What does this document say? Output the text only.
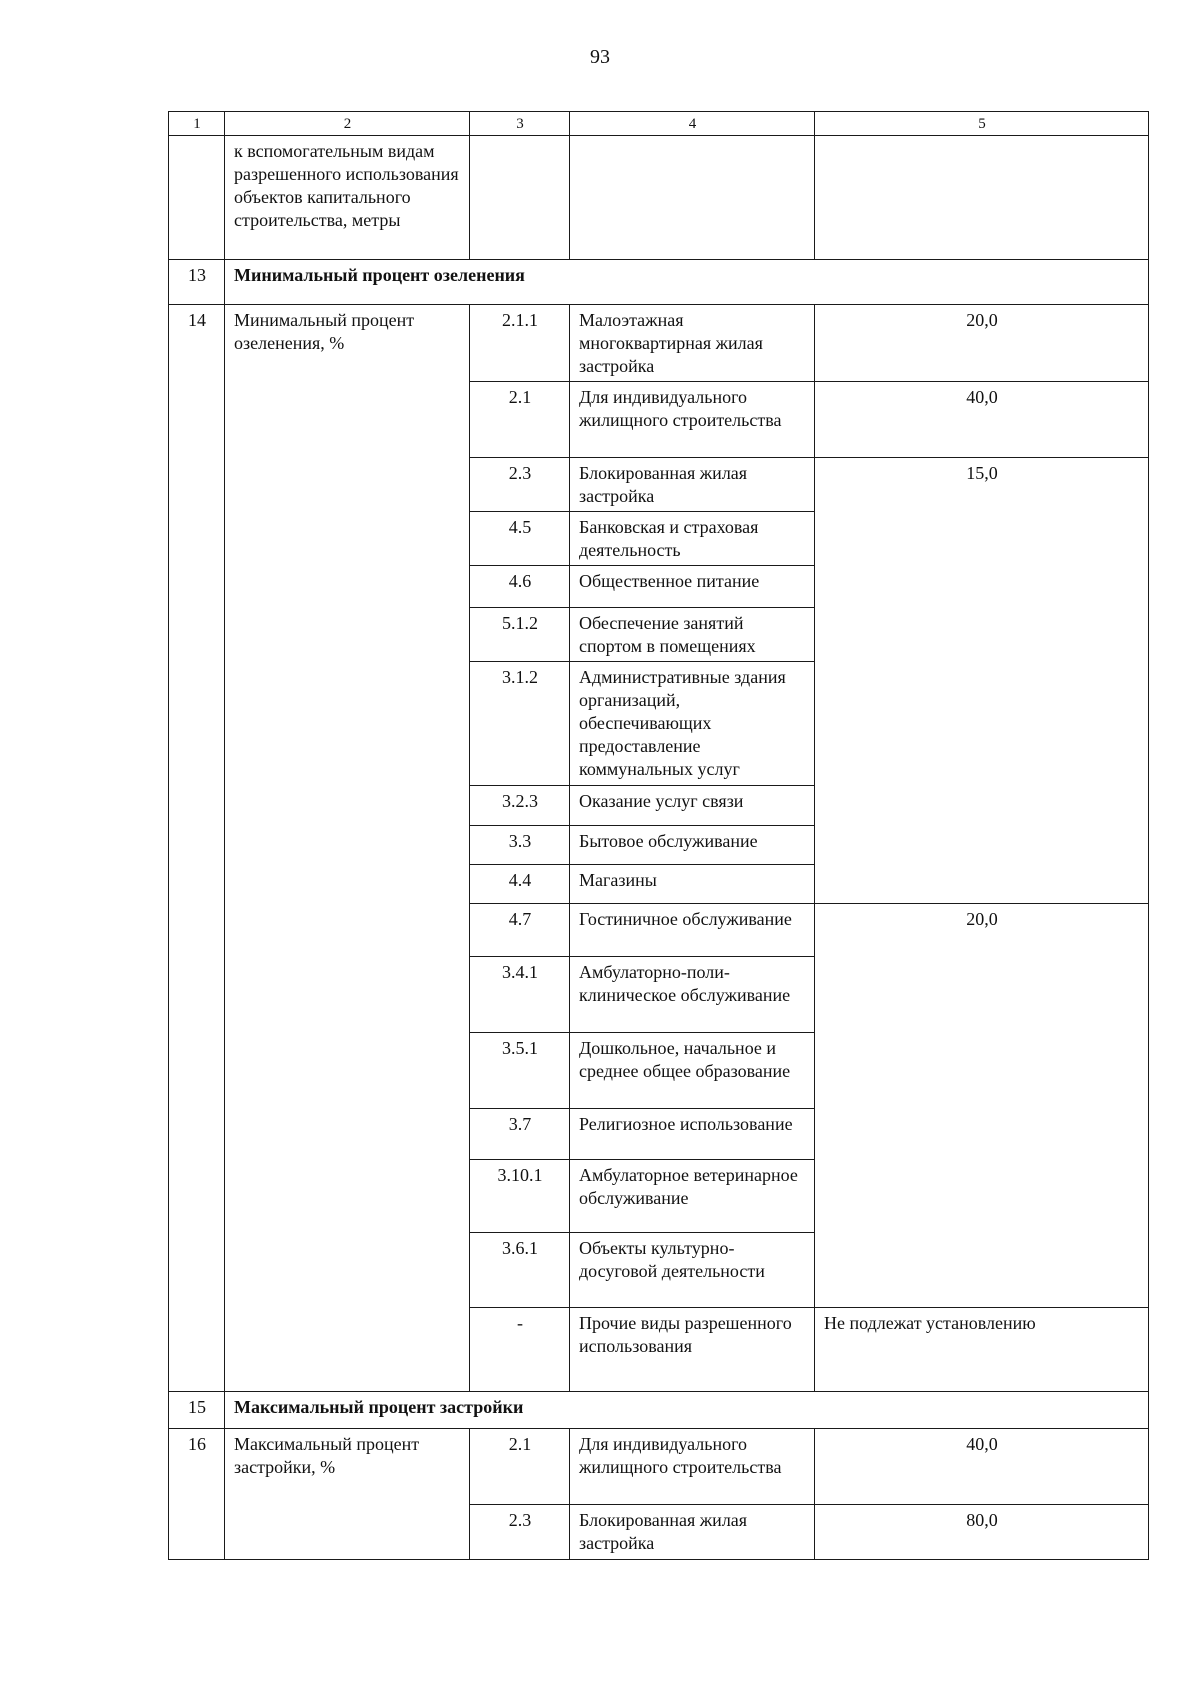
93
1	2	3	4	5
	к вспомогательным видам разрешенного использования объектов капитального строительства, метры			
13	Минимальный процент озеленения			
14	Минимальный процент озеленения, %	2.1.1	Малоэтажная многоквартирная жилая застройка	20,0
		2.1	Для индивидуального жилищного строительства	40,0
		2.3	Блокированная жилая застройка	15,0
		4.5	Банковская и страховая деятельность	
		4.6	Общественное питание	
		5.1.2	Обеспечение занятий спортом в помещениях	
		3.1.2	Административные здания организаций, обеспечивающих предоставление коммунальных услуг	
		3.2.3	Оказание услуг связи	
		3.3	Бытовое обслуживание	
		4.4	Магазины	
		4.7	Гостиничное обслуживание	20,0
		3.4.1	Амбулаторно-поли-клиническое обслуживание	
		3.5.1	Дошкольное, начальное и среднее общее образование	
		3.7	Религиозное использование	
		3.10.1	Амбулаторное ветеринарное обслуживание	
		3.6.1	Объекты культурно-досуговой деятельности	
		-	Прочие виды разрешенного использования	Не подлежат установлению
15	Максимальный процент застройки			
16	Максимальный процент застройки, %	2.1	Для индивидуального жилищного строительства	40,0
		2.3	Блокированная жилая застройка	80,0
